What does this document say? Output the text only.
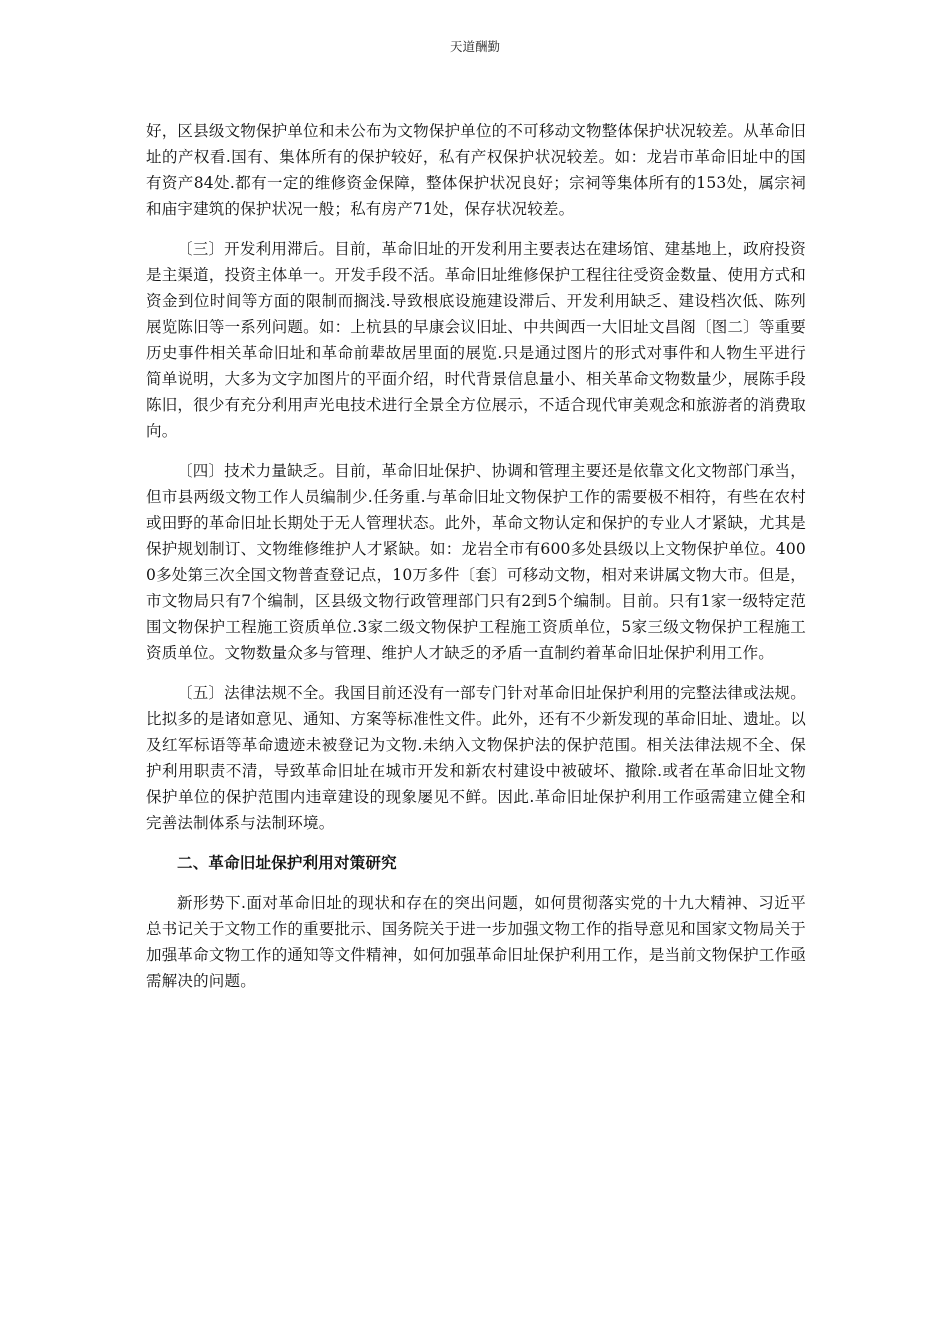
天道酬勤

好，区县级文物保护单位和未公布为文物保护单位的不可移动文物整体保护状况较差。从革命旧址的产权看.国有、集体所有的保护较好，私有产权保护状况较差。如：龙岩市革命旧址中的国有资产84处.都有一定的维修资金保障，整体保护状况良好；宗祠等集体所有的153处，属宗祠和庙宇建筑的保护状况一般；私有房产71处，保存状况较差。

〔三〕开发利用滞后。目前，革命旧址的开发利用主要表达在建场馆、建基地上，政府投资是主渠道，投资主体单一。开发手段不活。革命旧址维修保护工程往往受资金数量、使用方式和资金到位时间等方面的限制而搁浅.导致根底设施建设滞后、开发利用缺乏、建设档次低、陈列展览陈旧等一系列问题。如：上杭县的早康会议旧址、中共闽西一大旧址文昌阁〔图二〕等重要历史事件相关革命旧址和革命前辈故居里面的展览.只是通过图片的形式对事件和人物生平进行简单说明，大多为文字加图片的平面介绍，时代背景信息量小、相关革命文物数量少，展陈手段陈旧，很少有充分利用声光电技术进行全景全方位展示，不适合现代审美观念和旅游者的消费取向。

〔四〕技术力量缺乏。目前，革命旧址保护、协调和管理主要还是依靠文化文物部门承当，但市县两级文物工作人员编制少.任务重.与革命旧址文物保护工作的需要极不相符，有些在农村或田野的革命旧址长期处于无人管理状态。此外，革命文物认定和保护的专业人才紧缺，尤其是保护规划制订、文物维修维护人才紧缺。如：龙岩全市有600多处县级以上文物保护单位。4000多处第三次全国文物普查登记点，10万多件〔套〕可移动文物，相对来讲属文物大市。但是，市文物局只有7个编制，区县级文物行政管理部门只有2到5个编制。目前。只有1家一级特定范围文物保护工程施工资质单位.3家二级文物保护工程施工资质单位，5家三级文物保护工程施工资质单位。文物数量众多与管理、维护人才缺乏的矛盾一直制约着革命旧址保护利用工作。

〔五〕法律法规不全。我国目前还没有一部专门针对革命旧址保护利用的完整法律或法规。比拟多的是诸如意见、通知、方案等标准性文件。此外，还有不少新发现的革命旧址、遗址。以及红军标语等革命遗迹未被登记为文物.未纳入文物保护法的保护范围。相关法律法规不全、保护利用职责不清，导致革命旧址在城市开发和新农村建设中被破坏、撤除.或者在革命旧址文物保护单位的保护范围内违章建设的现象屡见不鲜。因此.革命旧址保护利用工作亟需建立健全和完善法制体系与法制环境。

二、革命旧址保护利用对策研究

新形势下.面对革命旧址的现状和存在的突出问题，如何贯彻落实党的十九大精神、习近平总书记关于文物工作的重要批示、国务院关于进一步加强文物工作的指导意见和国家文物局关于加强革命文物工作的通知等文件精神，如何加强革命旧址保护利用工作，是当前文物保护工作亟需解决的问题。
